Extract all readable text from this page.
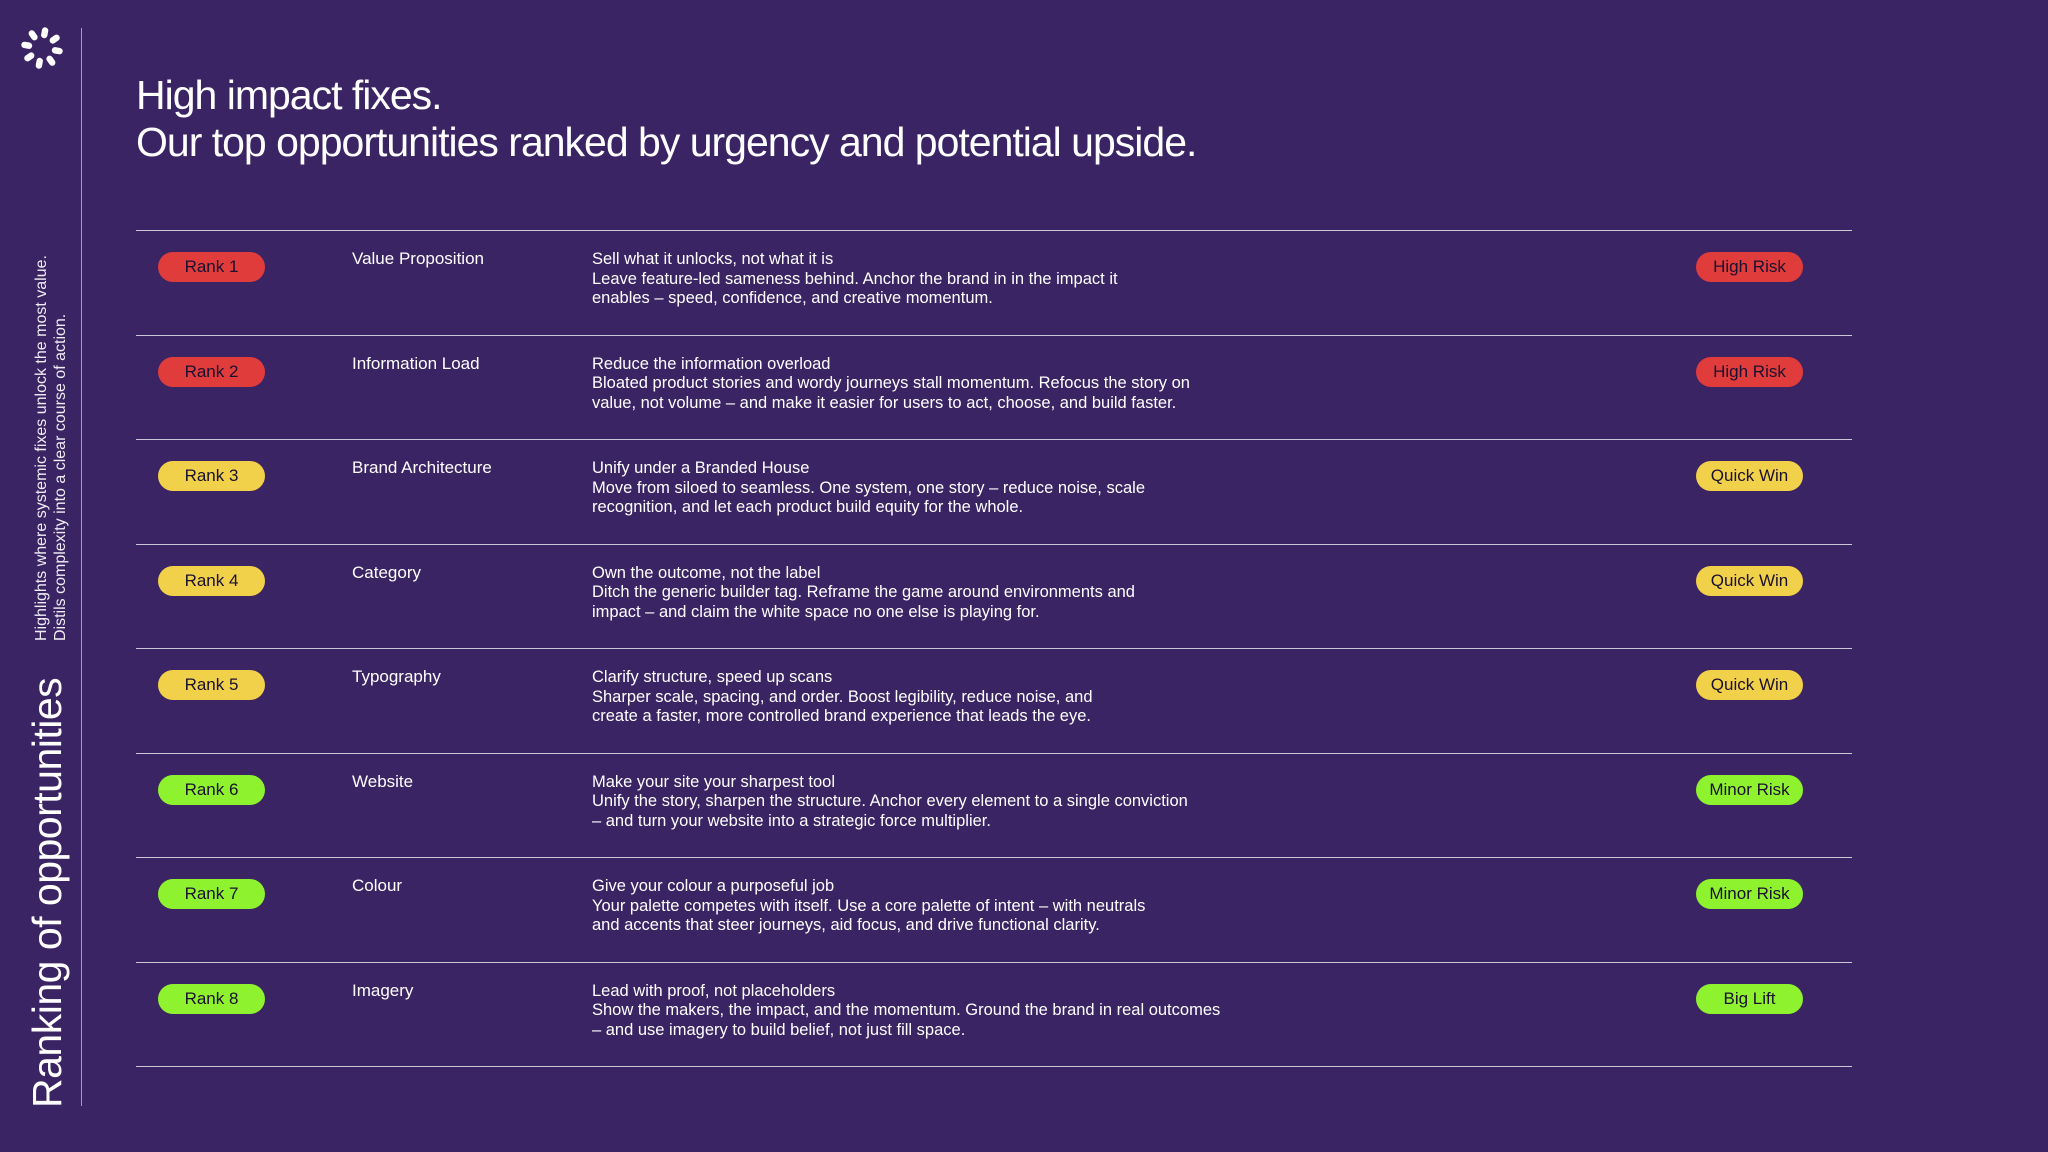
Ranking of opportunities
Highlights where systemic fixes unlock the most value. Distils complexity into a clear course of action.
High impact fixes.
Our top opportunities ranked by urgency and potential upside.
Rank 1	Value Proposition	Sell what it unlocks, not what it is
Leave feature-led sameness behind. Anchor the brand in in the impact it
enables – speed, confidence, and creative momentum.
High Risk
Rank 2	Information Load	Reduce the information overload
Bloated product stories and wordy journeys stall momentum. Refocus the story on
value, not volume – and make it easier for users to act, choose, and build faster.
High Risk
Rank 3	Brand Architecture	Unify under a Branded House
Move from siloed to seamless. One system, one story – reduce noise, scale
recognition, and let each product build equity for the whole.
Quick Win
Rank 4	Category	Own the outcome, not the label
Ditch the generic builder tag. Reframe the game around environments and
impact – and claim the white space no one else is playing for.
Quick Win
Rank 5	Typography	Clarify structure, speed up scans
Sharper scale, spacing, and order. Boost legibility, reduce noise, and
create a faster, more controlled brand experience that leads the eye.
Quick Win
Rank 6	Website	Make your site your sharpest tool
Unify the story, sharpen the structure. Anchor every element to a single conviction
– and turn your website into a strategic force multiplier.
Minor Risk
Rank 7	Colour	Give your colour a purposeful job
Your palette competes with itself. Use a core palette of intent – with neutrals
and accents that steer journeys, aid focus, and drive functional clarity.
Minor Risk
Rank 8	Imagery	Lead with proof, not placeholders
Show the makers, the impact, and the momentum. Ground the brand in real outcomes
– and use imagery to build belief, not just fill space.
Big Lift
